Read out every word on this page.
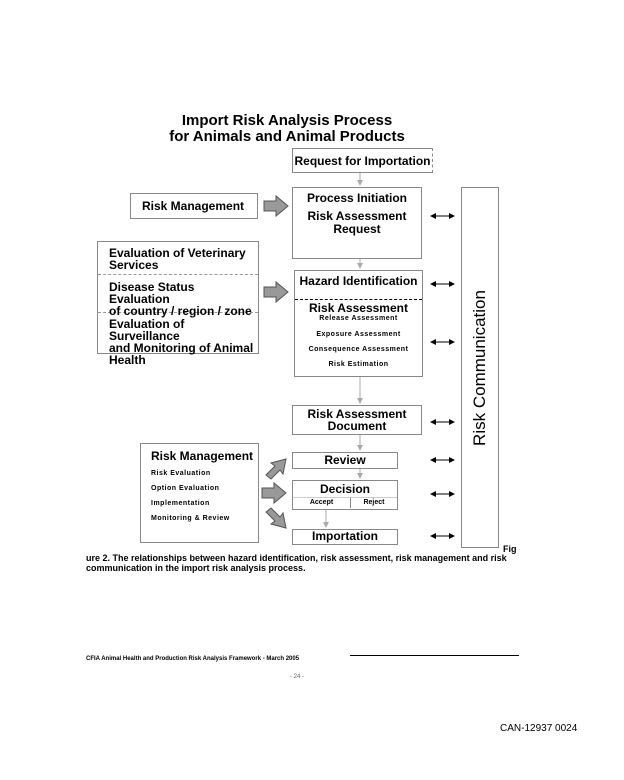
Import Risk Analysis Process
for Animals and Animal Products
Request for Importation
Process Initiation
Risk Assessment
Request
Risk Management
Evaluation of Veterinary
Services
Disease Status Evaluation
of country / region / zone
Evaluation of Surveillance
and Monitoring of Animal
Health
Hazard Identification
Risk Assessment
Release Assessment
Exposure Assessment
Consequence Assessment
Risk Estimation
Risk Assessment
Document
Review
Decision
Accept	Reject
Importation
Risk Communication
Risk Management
Risk Evaluation
Option Evaluation
Implementation
Monitoring & Review
Fig
ure 2. The relationships between hazard identification, risk assessment, risk management and risk
communication in the import risk analysis process.
CFIA Animal Health and Production Risk Analysis Framework - March 2005
- 24 -
CAN-12937 0024
